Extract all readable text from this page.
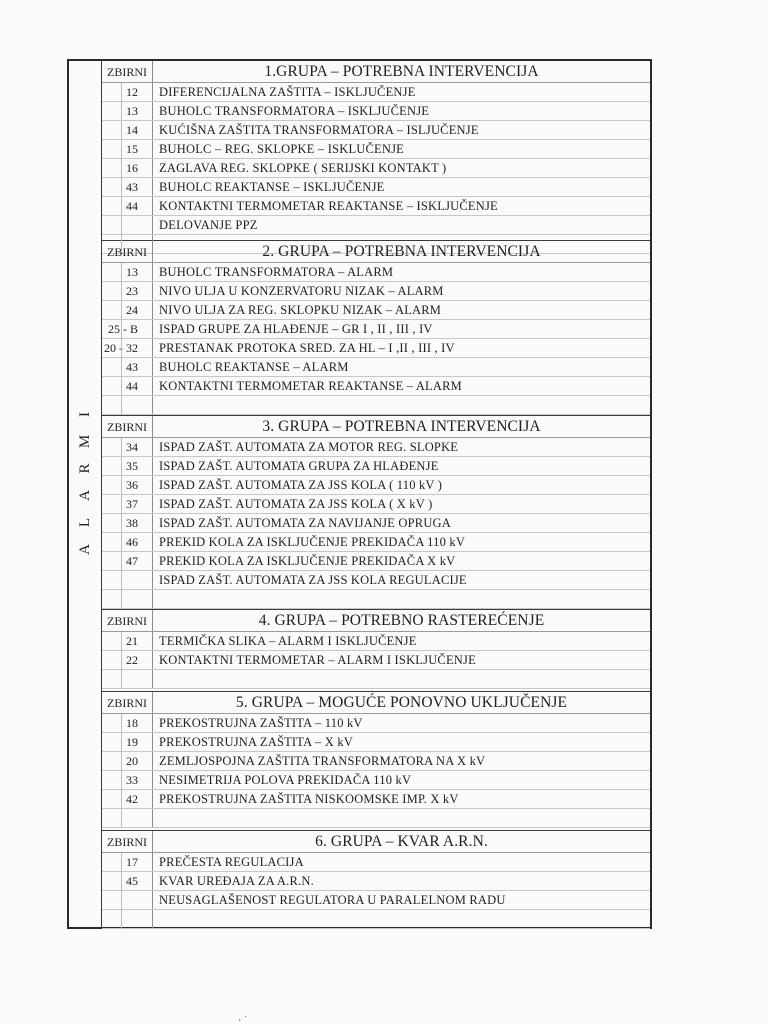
A
L
A
R
M
I
ZBIRNI	1.GRUPA – POTREBNA INTERVENCIJA
12	DIFERENCIJALNA ZAŠTITA – ISKLJUČENJE
13	BUHOLC TRANSFORMATORA – ISKLJUČENJE
14	KUĆIŠNA ZAŠTITA TRANSFORMATORA – ISLJUČENJE
15	BUHOLC – REG. SKLOPKE – ISKLUČENJE
16	ZAGLAVA REG. SKLOPKE ( SERIJSKI KONTAKT )
43	BUHOLC REAKTANSE – ISKLJUČENJE
44	KONTAKTNI TERMOMETAR REAKTANSE – ISKLJUČENJE
DELOVANJE PPZ
ZBIRNI	2. GRUPA – POTREBNA INTERVENCIJA
13	BUHOLC TRANSFORMATORA – ALARM
23	NIVO ULJA U KONZERVATORU NIZAK – ALARM
24	NIVO ULJA ZA REG. SKLOPKU NIZAK – ALARM
25 - B	ISPAD GRUPE ZA HLAĐENJE – GR I , II , III , IV
20 - 32	PRESTANAK PROTOKA SRED. ZA HL – I ,II , III , IV
43	BUHOLC REAKTANSE – ALARM
44	KONTAKTNI TERMOMETAR REAKTANSE – ALARM
ZBIRNI	3. GRUPA – POTREBNA INTERVENCIJA
34	ISPAD ZAŠT. AUTOMATA ZA MOTOR REG. SLOPKE
35	ISPAD ZAŠT. AUTOMATA GRUPA ZA HLAĐENJE
36	ISPAD ZAŠT. AUTOMATA ZA JSS KOLA ( 110 kV )
37	ISPAD ZAŠT. AUTOMATA ZA JSS KOLA ( X kV )
38	ISPAD ZAŠT. AUTOMATA ZA NAVIJANJE OPRUGA
46	PREKID KOLA ZA ISKLJUČENJE PREKIDAČA 110 kV
47	PREKID KOLA ZA ISKLJUČENJE PREKIDAČA X kV
ISPAD ZAŠT. AUTOMATA ZA JSS KOLA REGULACIJE
ZBIRNI	4. GRUPA – POTREBNO RASTEREĆENJE
21	TERMIČKA SLIKA – ALARM I ISKLJUČENJE
22	KONTAKTNI TERMOMETAR – ALARM I ISKLJUČENJE
ZBIRNI	5. GRUPA – MOGUĆE PONOVNO UKLJUČENJE
18	PREKOSTRUJNA ZAŠTITA – 110 kV
19	PREKOSTRUJNA ZAŠTITA – X kV
20	ZEMLJOSPOJNA ZAŠTITA TRANSFORMATORA NA X kV
33	NESIMETRIJA POLOVA PREKIDAČA 110 kV
42	PREKOSTRUJNA ZAŠTITA NISKOOMSKE IMP. X kV
ZBIRNI	6. GRUPA – KVAR A.R.N.
17	PREČESTA REGULACIJA
45	KVAR UREĐAJA ZA A.R.N.
NEUSAGLAŠENOST REGULATORA U PARALELNOM RADU
‚ ·
